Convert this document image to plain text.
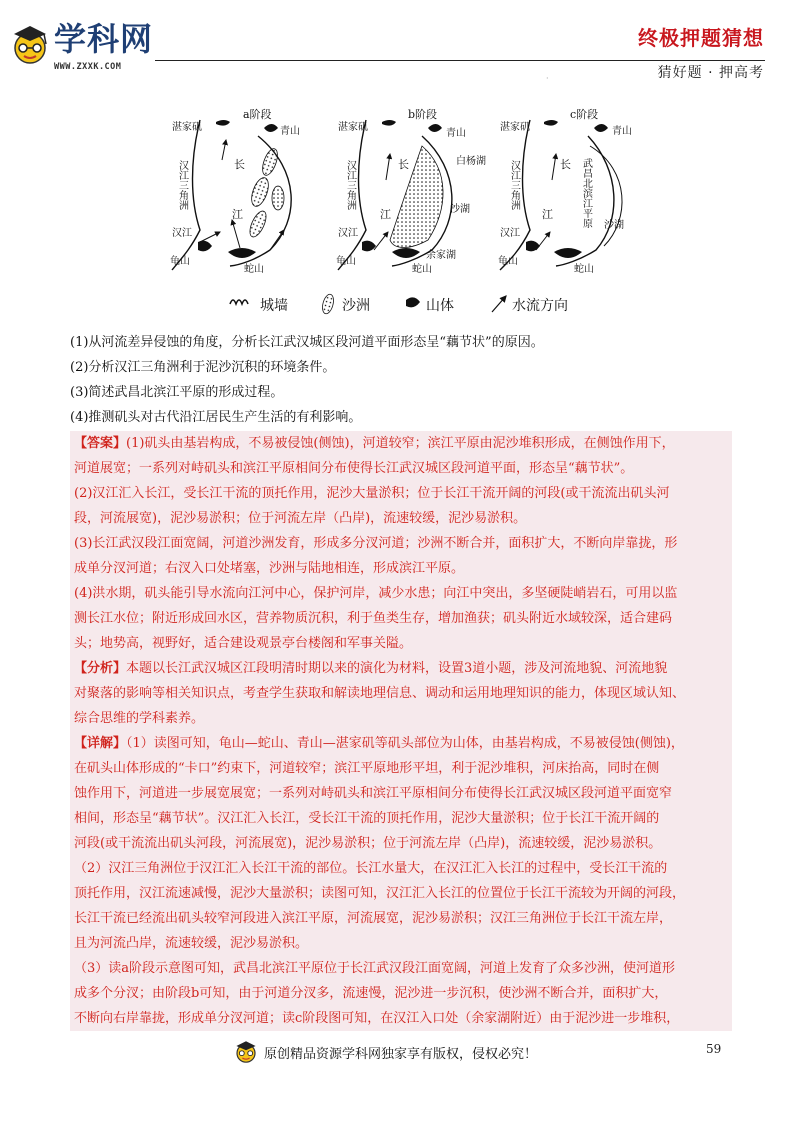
学科网
WWW.ZXXK.COM
终极押题猜想
猜好题 · 押高考
·
a阶段
湛家矶	青山
汉江三角洲	长
江
汉江
龟山
蛇山
b阶段
湛家矶
青山
汉江三角洲	长
江
白杨湖
沙湖
余家湖
汉江
龟山
蛇山
c阶段
湛家矶	青山
汉江三角洲	长
江	武昌北滨江平原 沙湖
汉江
龟山
蛇山
城墙	沙洲	山体	水流方向
(1)从河流差异侵蚀的角度，分析长江武汉城区段河道平面形态呈“藕节状”的原因。
(2)分析汉江三角洲利于泥沙沉积的环境条件。
(3)简述武昌北滨江平原的形成过程。
(4)推测矶头对古代沿江居民生产生活的有利影响。
【答案】(1)矶头由基岩构成，不易被侵蚀(侧蚀)，河道较窄；滨江平原由泥沙堆积形成，在侧蚀作用下，
河道展宽；一系列对峙矶头和滨江平原相间分布使得长江武汉城区段河道平面，形态呈“藕节状”。
(2)汉江汇入长江，受长江干流的顶托作用，泥沙大量淤积；位于长江干流开阔的河段(或干流流出矶头河
段，河流展宽)，泥沙易淤积；位于河流左岸（凸岸)，流速较缓，泥沙易淤积。
(3)长江武汉段江面宽阔，河道沙洲发育，形成多分汊河道；沙洲不断合并，面积扩大，不断向岸靠拢，形
成单分汊河道；右汊入口处堵塞，沙洲与陆地相连，形成滨江平原。
(4)洪水期，矶头能引导水流向江河中心，保护河岸，减少水患；向江中突出，多坚硬陡峭岩石，可用以监
测长江水位；附近形成回水区，营养物质沉积，利于鱼类生存，增加渔获；矶头附近水域较深，适合建码
头；地势高，视野好，适合建设观景亭台楼阁和军事关隘。
【分析】本题以长江武汉城区江段明清时期以来的演化为材料，设置3道小题，涉及河流地貌、河流地貌
对聚落的影响等相关知识点，考查学生获取和解读地理信息、调动和运用地理知识的能力，体现区域认知、
综合思维的学科素养。
【详解】（1）读图可知，龟山—蛇山、青山—湛家矶等矶头部位为山体，由基岩构成，不易被侵蚀(侧蚀)，
在矶头山体形成的“卡口”约束下，河道较窄；滨江平原地形平坦，利于泥沙堆积，河床抬高，同时在侧
蚀作用下，河道进一步展宽展宽；一系列对峙矶头和滨江平原相间分布使得长江武汉城区段河道平面宽窄
相间，形态呈“藕节状”。汉江汇入长江，受长江干流的顶托作用，泥沙大量淤积；位于长江干流开阔的
河段(或干流流出矶头河段，河流展宽)，泥沙易淤积；位于河流左岸（凸岸)，流速较缓，泥沙易淤积。
（2）汉江三角洲位于汉江汇入长江干流的部位。长江水量大，在汉江汇入长江的过程中，受长江干流的
顶托作用，汉江流速减慢，泥沙大量淤积；读图可知，汉江汇入长江的位置位于长江干流较为开阔的河段，
长江干流已经流出矶头较窄河段进入滨江平原，河流展宽，泥沙易淤积；汉江三角洲位于长江干流左岸，
且为河流凸岸，流速较缓，泥沙易淤积。
（3）读a阶段示意图可知，武昌北滨江平原位于长江武汉段江面宽阔，河道上发育了众多沙洲，使河道形
成多个分汊；由阶段b可知，由于河道分汊多，流速慢，泥沙进一步沉积，使沙洲不断合并，面积扩大，
不断向右岸靠拢，形成单分汊河道；读c阶段图可知，在汉江入口处（余家湖附近）由于泥沙进一步堆积，
59
原创精品资源学科网独家享有版权，侵权必究！
